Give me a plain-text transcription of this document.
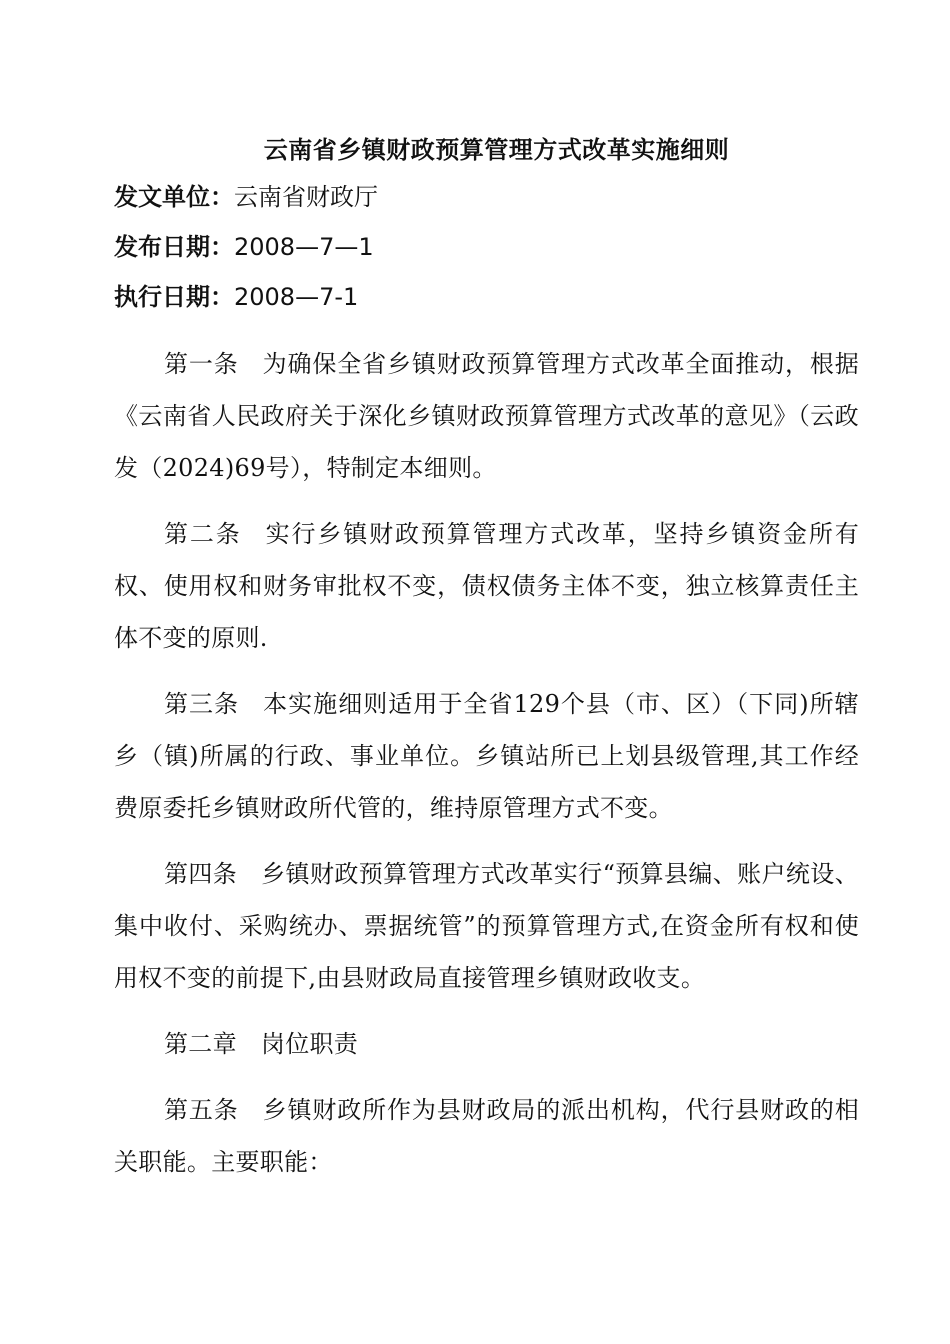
云南省乡镇财政预算管理方式改革实施细则
发文单位：云南省财政厅
发布日期：2008—7—1
执行日期：2008—7-1

第一条 为确保全省乡镇财政预算管理方式改革全面推动，根据《云南省人民政府关于深化乡镇财政预算管理方式改革的意见》（云政发（2024)69号），特制定本细则。

第二条 实行乡镇财政预算管理方式改革，坚持乡镇资金所有权、使用权和财务审批权不变，债权债务主体不变，独立核算责任主体不变的原则.

第三条 本实施细则适用于全省129个县（市、区）（下同)所辖乡（镇)所属的行政、事业单位。乡镇站所已上划县级管理,其工作经费原委托乡镇财政所代管的，维持原管理方式不变。

第四条 乡镇财政预算管理方式改革实行“预算县编、账户统设、集中收付、采购统办、票据统管”的预算管理方式,在资金所有权和使用权不变的前提下,由县财政局直接管理乡镇财政收支。

第二章 岗位职责

第五条 乡镇财政所作为县财政局的派出机构，代行县财政的相关职能。主要职能：
